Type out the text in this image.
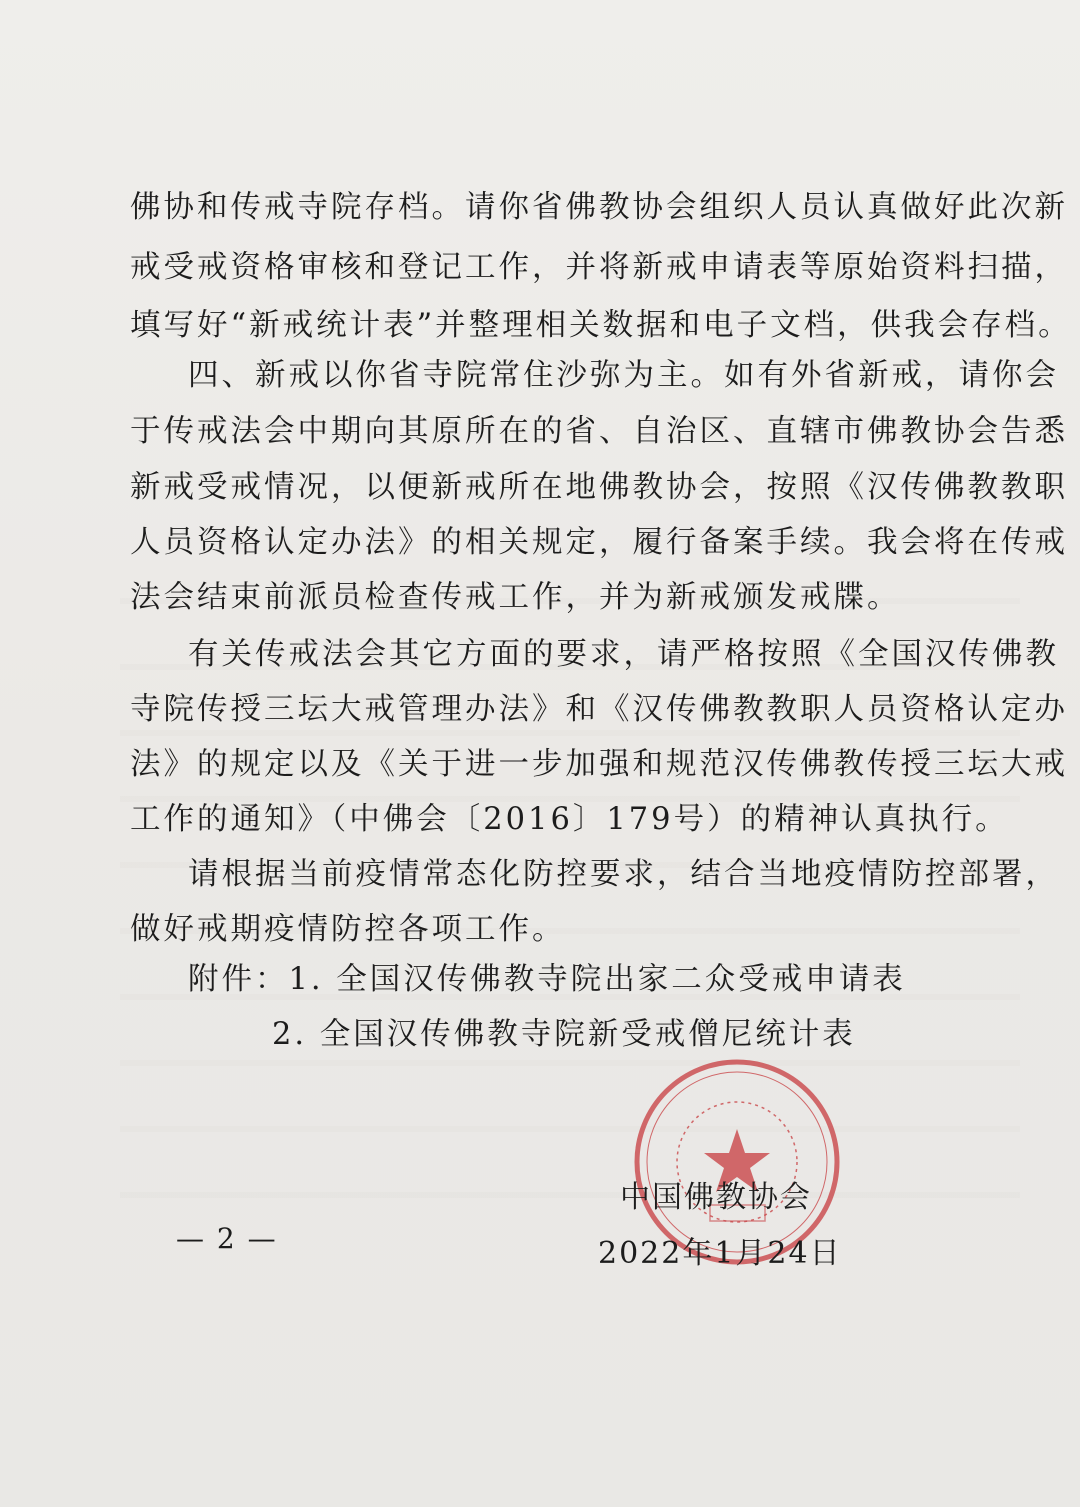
佛协和传戒寺院存档。请你省佛教协会组织人员认真做好此次新
戒受戒资格审核和登记工作，并将新戒申请表等原始资料扫描，
填写好“新戒统计表”并整理相关数据和电子文档，供我会存档。
四、新戒以你省寺院常住沙弥为主。如有外省新戒，请你会
于传戒法会中期向其原所在的省、自治区、直辖市佛教协会告悉
新戒受戒情况，以便新戒所在地佛教协会，按照《汉传佛教教职
人员资格认定办法》的相关规定，履行备案手续。我会将在传戒
法会结束前派员检查传戒工作，并为新戒颁发戒牒。
有关传戒法会其它方面的要求，请严格按照《全国汉传佛教
寺院传授三坛大戒管理办法》和《汉传佛教教职人员资格认定办
法》的规定以及《关于进一步加强和规范汉传佛教传授三坛大戒
工作的通知》（中佛会〔2016〕179号）的精神认真执行。
请根据当前疫情常态化防控要求，结合当地疫情防控部署，
做好戒期疫情防控各项工作。
附件：1. 全国汉传佛教寺院出家二众受戒申请表
2. 全国汉传佛教寺院新受戒僧尼统计表
中国佛教协会
2022年1月24日
— 2 —
